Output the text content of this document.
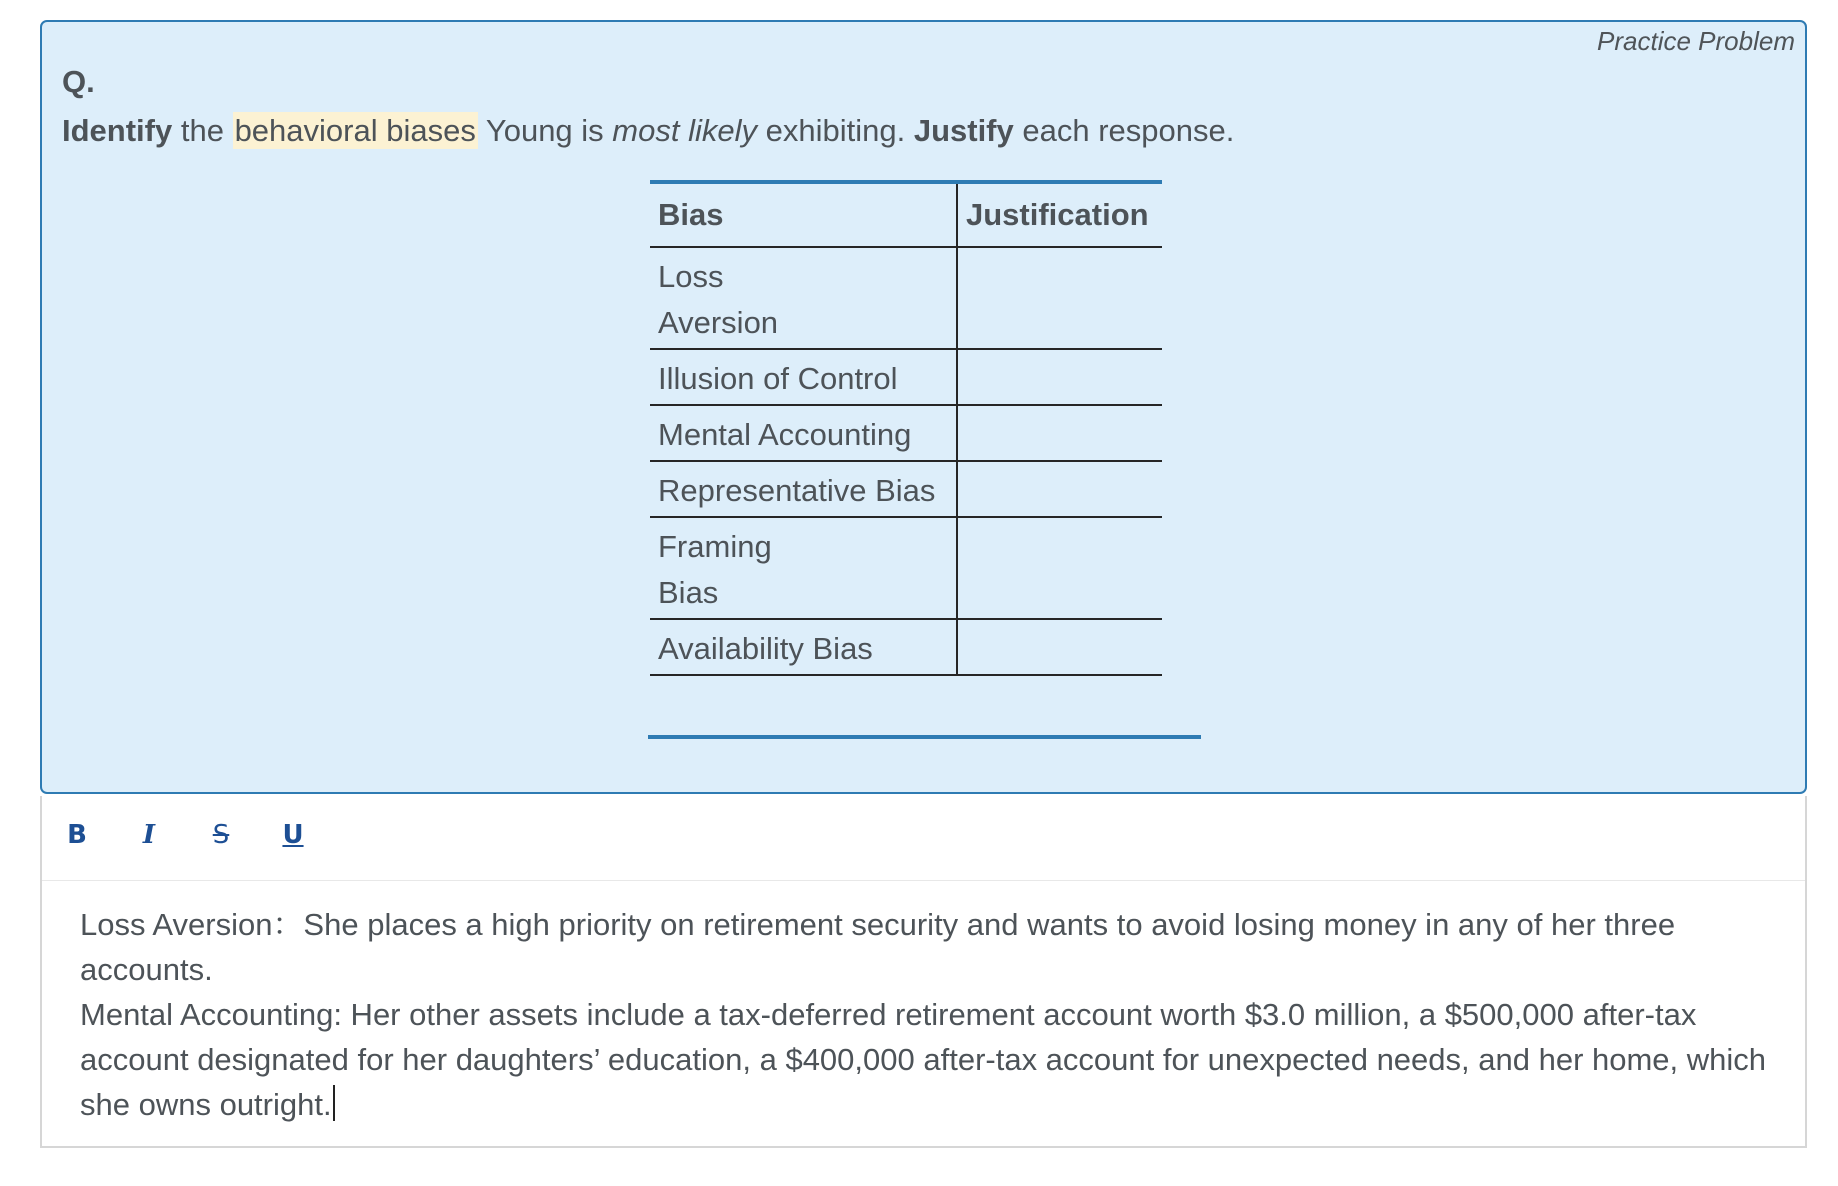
Practice Problem
Q.
Identify the behavioral biases Young is most likely exhibiting. Justify each response.
Bias	Justification

Loss Aversion	

Illusion of Control	
Mental Accounting	
Representative Bias	

Framing Bias	

Availability Bias	
B	I	S U

Loss Aversion：She places a high priority on retirement security and wants to avoid losing money in any of her three accounts.

Mental Accounting: Her other assets include a tax-deferred retirement account worth $3.0 million, a $500,000 after-tax account designated for her daughters’ education, a $400,000 after-tax account for unexpected needs, and her home, which she owns outright.
